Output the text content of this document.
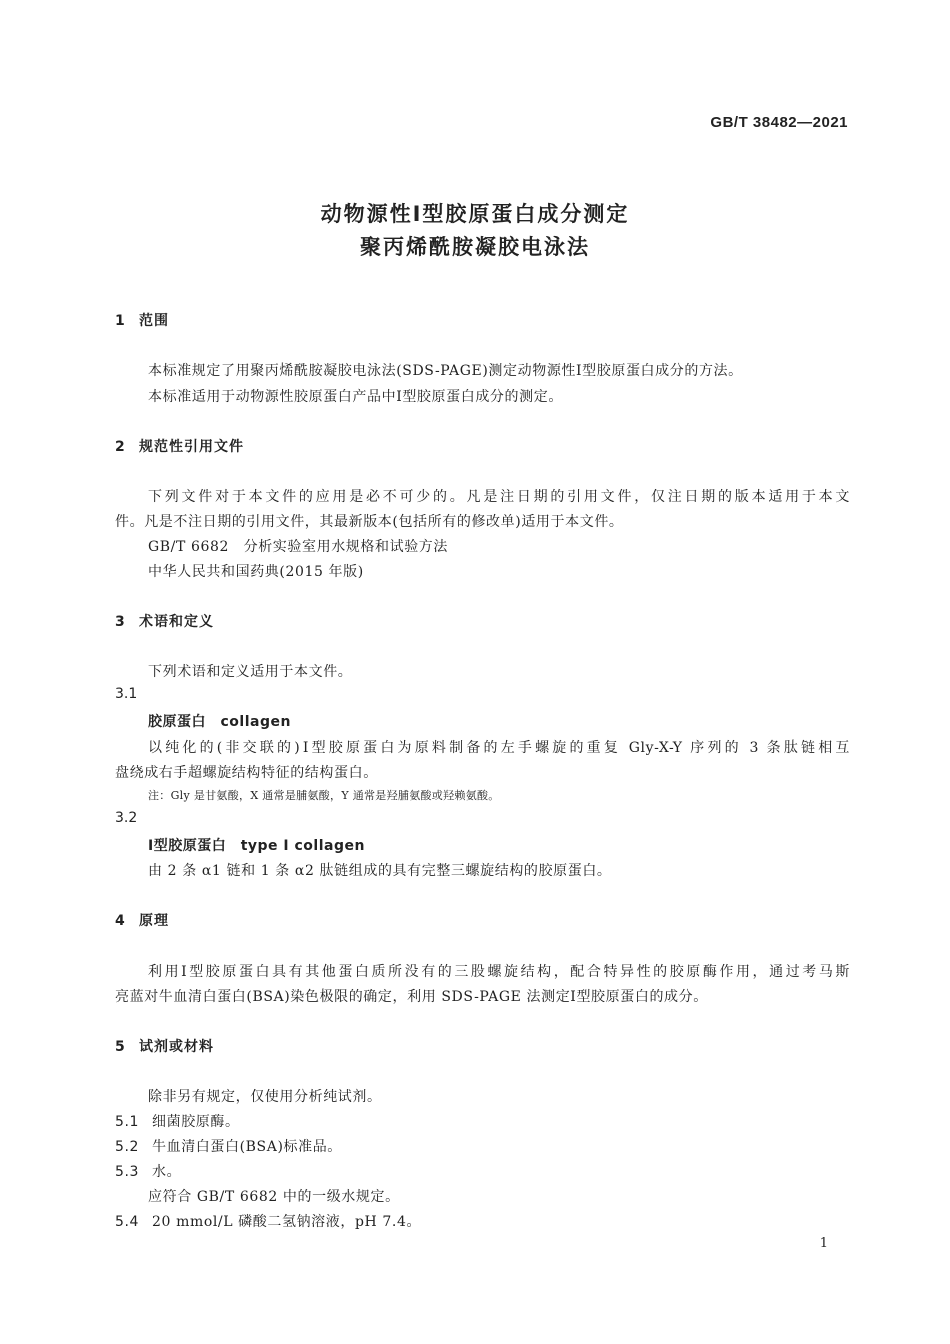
GB/T 38482—2021
动物源性Ⅰ型胶原蛋白成分测定
聚丙烯酰胺凝胶电泳法
1 范围
本标准规定了用聚丙烯酰胺凝胶电泳法(SDS-PAGE)测定动物源性Ⅰ型胶原蛋白成分的方法。
本标准适用于动物源性胶原蛋白产品中Ⅰ型胶原蛋白成分的测定。
2 规范性引用文件
下列文件对于本文件的应用是必不可少的。凡是注日期的引用文件，仅注日期的版本适用于本文
件。凡是不注日期的引用文件，其最新版本(包括所有的修改单)适用于本文件。
GB/T 6682　分析实验室用水规格和试验方法
中华人民共和国药典(2015 年版)
3 术语和定义
下列术语和定义适用于本文件。
3.1
胶原蛋白　collagen
以纯化的(非交联的)Ⅰ型胶原蛋白为原料制备的左手螺旋的重复 Gly-X-Y 序列的 3 条肽链相互
盘绕成右手超螺旋结构特征的结构蛋白。
注：Gly 是甘氨酸，X 通常是脯氨酸，Y 通常是羟脯氨酸或羟赖氨酸。
3.2
Ⅰ型胶原蛋白　type Ⅰ collagen
由 2 条 α1 链和 1 条 α2 肽链组成的具有完整三螺旋结构的胶原蛋白。
4 原理
利用Ⅰ型胶原蛋白具有其他蛋白质所没有的三股螺旋结构，配合特异性的胶原酶作用，通过考马斯
亮蓝对牛血清白蛋白(BSA)染色极限的确定，利用 SDS-PAGE 法测定Ⅰ型胶原蛋白的成分。
5 试剂或材料
除非另有规定，仅使用分析纯试剂。
5.1 细菌胶原酶。
5.2 牛血清白蛋白(BSA)标准品。
5.3 水。
应符合 GB/T 6682 中的一级水规定。
5.4 20 mmol/L 磷酸二氢钠溶液，pH 7.4。
1
